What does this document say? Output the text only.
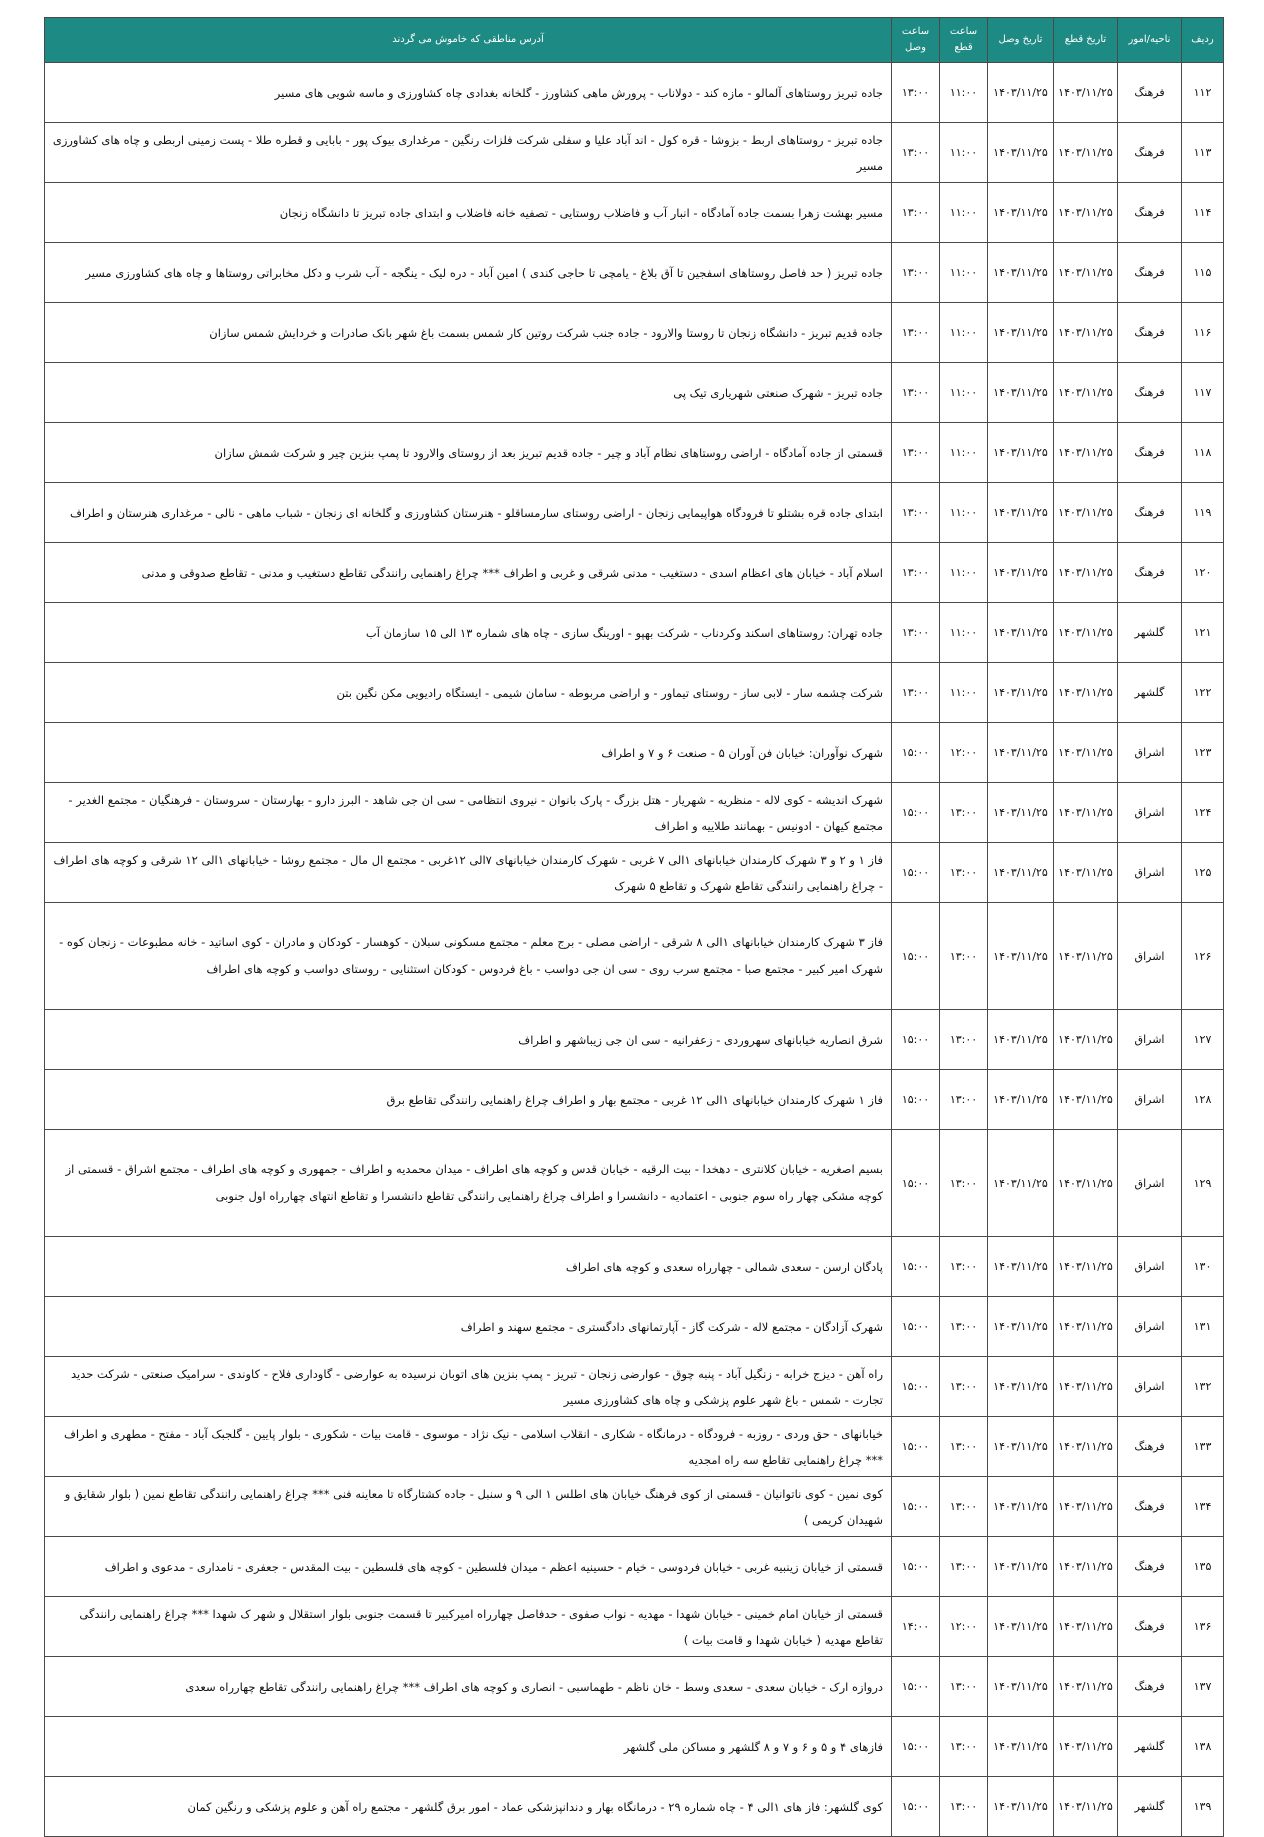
ردیف	ناحیه/امور	تاریخ قطع	تاریخ وصل	ساعت قطع	ساعت وصل	آدرس مناطقی که خاموش می گردند
۱۱۲	فرهنگ	۱۴۰۳/۱۱/۲۵	۱۴۰۳/۱۱/۲۵	۱۱:۰۰	۱۳:۰۰	جاده تبریز روستاهای آلمالو - مازه کند - دولاناب - پرورش ماهی کشاورز - گلخانه بغدادی چاه کشاورزی و ماسه شویی های مسیر
۱۱۳	فرهنگ	۱۴۰۳/۱۱/۲۵	۱۴۰۳/۱۱/۲۵	۱۱:۰۰	۱۳:۰۰	جاده تبریز - روستاهای اربط - بزوشا - قره کول - اند آباد علیا و سفلی شرکت فلزات رنگین - مرغداری بیوک پور - بابایی و قطره طلا - پست زمینی اربطی و چاه های کشاورزی مسیر
۱۱۴	فرهنگ	۱۴۰۳/۱۱/۲۵	۱۴۰۳/۱۱/۲۵	۱۱:۰۰	۱۳:۰۰	مسیر بهشت زهرا بسمت جاده آمادگاه - انبار آب و فاضلاب روستایی - تصفیه خانه فاضلاب و ابتدای جاده تبریز تا دانشگاه زنجان
۱۱۵	فرهنگ	۱۴۰۳/۱۱/۲۵	۱۴۰۳/۱۱/۲۵	۱۱:۰۰	۱۳:۰۰	جاده تبریز ( حد فاصل روستاهای اسفجین تا آق بلاغ - یامچی تا حاجی کندی ) امین آباد - دره لیک - ینگجه - آب شرب و دکل مخابراتی روستاها و چاه های کشاورزی مسیر
۱۱۶	فرهنگ	۱۴۰۳/۱۱/۲۵	۱۴۰۳/۱۱/۲۵	۱۱:۰۰	۱۳:۰۰	جاده قدیم تبریز - دانشگاه زنجان تا روستا والارود - جاده جنب شرکت روتین کار شمس بسمت باغ شهر بانک صادرات و خردایش شمس سازان
۱۱۷	فرهنگ	۱۴۰۳/۱۱/۲۵	۱۴۰۳/۱۱/۲۵	۱۱:۰۰	۱۳:۰۰	جاده تبریز - شهرک صنعتی شهریاری تیک پی
۱۱۸	فرهنگ	۱۴۰۳/۱۱/۲۵	۱۴۰۳/۱۱/۲۵	۱۱:۰۰	۱۳:۰۰	قسمتی از جاده آمادگاه - اراضی روستاهای نظام آباد و چیر - جاده قدیم تبریز بعد از روستای والارود تا پمپ بنزین چیر و شرکت شمش سازان
۱۱۹	فرهنگ	۱۴۰۳/۱۱/۲۵	۱۴۰۳/۱۱/۲۵	۱۱:۰۰	۱۳:۰۰	ابتدای جاده قره بشتلو تا فرودگاه هواپیمایی زنجان - اراضی روستای سارمساقلو - هنرستان کشاورزی و گلخانه ای زنجان - شباب ماهی - نالی - مرغداری هنرستان و اطراف
۱۲۰	فرهنگ	۱۴۰۳/۱۱/۲۵	۱۴۰۳/۱۱/۲۵	۱۱:۰۰	۱۳:۰۰	اسلام آباد - خیابان های اعظام اسدی - دستغیب - مدنی شرقی و غربی و اطراف *** چراغ راهنمایی رانندگی تقاطع دستغیب و مدنی - تقاطع صدوقی و مدنی
۱۲۱	گلشهر	۱۴۰۳/۱۱/۲۵	۱۴۰۳/۱۱/۲۵	۱۱:۰۰	۱۳:۰۰	جاده تهران: روستاهای اسکند وکردناب - شرکت بهپو - اورینگ سازی - چاه های شماره ۱۳ الی ۱۵ سازمان آب
۱۲۲	گلشهر	۱۴۰۳/۱۱/۲۵	۱۴۰۳/۱۱/۲۵	۱۱:۰۰	۱۳:۰۰	شرکت چشمه سار - لابی ساز - روستای تیماور - و اراضی مربوطه - سامان شیمی - ایستگاه رادیویی مکن نگین بتن
۱۲۳	اشراق	۱۴۰۳/۱۱/۲۵	۱۴۰۳/۱۱/۲۵	۱۲:۰۰	۱۵:۰۰	شهرک نوآوران: خیابان فن آوران ۵ - صنعت ۶ و ۷ و اطراف
۱۲۴	اشراق	۱۴۰۳/۱۱/۲۵	۱۴۰۳/۱۱/۲۵	۱۳:۰۰	۱۵:۰۰	شهرک اندیشه - کوی لاله - منظریه - شهریار - هتل بزرگ - پارک بانوان - نیروی انتظامی - سی ان جی شاهد - البرز دارو - بهارستان - سروستان - فرهنگیان - مجتمع الغدیر - مجتمع کیهان - ادونیس - بهمانند طلاییه و اطراف
۱۲۵	اشراق	۱۴۰۳/۱۱/۲۵	۱۴۰۳/۱۱/۲۵	۱۳:۰۰	۱۵:۰۰	فاز ۱ و ۲ و ۳ شهرک کارمندان خیابانهای ۱الی ۷ غربی - شهرک کارمندان خیابانهای ۷الی ۱۲غربی - مجتمع ال مال - مجتمع روشا - خیابانهای ۱الی ۱۲ شرقی و کوچه های اطراف - چراغ راهنمایی رانندگی تقاطع شهرک و تقاطع ۵ شهرک
۱۲۶	اشراق	۱۴۰۳/۱۱/۲۵	۱۴۰۳/۱۱/۲۵	۱۳:۰۰	۱۵:۰۰	فاز ۳ شهرک کارمندان خیابانهای ۱الی ۸ شرقی - اراضی مصلی - برج معلم - مجتمع مسکونی سبلان - کوهسار - کودکان و مادران - کوی اساتید - خانه مطبوعات - زنجان کوه - شهرک امیر کبیر - مجتمع صبا - مجتمع سرب روی - سی ان جی دواسب - باغ فردوس - کودکان استثنایی - روستای دواسب و کوچه های اطراف
۱۲۷	اشراق	۱۴۰۳/۱۱/۲۵	۱۴۰۳/۱۱/۲۵	۱۳:۰۰	۱۵:۰۰	شرق انصاریه خیابانهای سهروردی - زعفرانیه - سی ان جی زیباشهر و اطراف
۱۲۸	اشراق	۱۴۰۳/۱۱/۲۵	۱۴۰۳/۱۱/۲۵	۱۳:۰۰	۱۵:۰۰	فاز ۱ شهرک کارمندان خیابانهای ۱الی ۱۲ غربی - مجتمع بهار و اطراف چراغ راهنمایی رانندگی تقاطع برق
۱۲۹	اشراق	۱۴۰۳/۱۱/۲۵	۱۴۰۳/۱۱/۲۵	۱۳:۰۰	۱۵:۰۰	بسیم اصغریه - خیابان کلانتری - دهخدا - بیت الرقیه - خیابان قدس و کوچه های اطراف - میدان محمدیه و اطراف - جمهوری و کوچه های اطراف - مجتمع اشراق - قسمتی از کوچه مشکی چهار راه سوم جنوبی - اعتمادیه - دانشسرا و اطراف چراغ راهنمایی رانندگی تقاطع دانشسرا و تقاطع انتهای چهارراه اول جنوبی
۱۳۰	اشراق	۱۴۰۳/۱۱/۲۵	۱۴۰۳/۱۱/۲۵	۱۳:۰۰	۱۵:۰۰	پادگان ارسن - سعدی شمالی - چهارراه سعدی و کوچه های اطراف
۱۳۱	اشراق	۱۴۰۳/۱۱/۲۵	۱۴۰۳/۱۱/۲۵	۱۳:۰۰	۱۵:۰۰	شهرک آزادگان - مجتمع لاله - شرکت گاز - آپارتمانهای دادگستری - مجتمع سهند و اطراف
۱۳۲	اشراق	۱۴۰۳/۱۱/۲۵	۱۴۰۳/۱۱/۲۵	۱۳:۰۰	۱۵:۰۰	راه آهن - دیزج خرابه - زنگیل آباد - پنبه چوق - عوارضی زنجان - تبریز - پمپ بنزین های اتوبان نرسیده به عوارضی - گاوداری فلاح - کاوندی - سرامیک صنعتی - شرکت حدید تجارت - شمس - باغ شهر علوم پزشکی و چاه های کشاورزی مسیر
۱۳۳	فرهنگ	۱۴۰۳/۱۱/۲۵	۱۴۰۳/۱۱/۲۵	۱۳:۰۰	۱۵:۰۰	خیابانهای - حق وردی - روزبه - فرودگاه - درمانگاه - شکاری - انقلاب اسلامی - نیک نژاد - موسوی - قامت بیات - شکوری - بلوار پایین - گلجبک آباد - مفتح - مطهری و اطراف *** چراغ راهنمایی تقاطع سه راه امجدیه
۱۳۴	فرهنگ	۱۴۰۳/۱۱/۲۵	۱۴۰۳/۱۱/۲۵	۱۳:۰۰	۱۵:۰۰	کوی نمین - کوی ناتوانیان - قسمتی از کوی فرهنگ خیابان های اطلس ۱ الی ۹ و سنبل - جاده کشتارگاه تا معاینه فنی *** چراغ راهنمایی رانندگی تقاطع نمین ( بلوار شقایق و شهیدان کریمی )
۱۳۵	فرهنگ	۱۴۰۳/۱۱/۲۵	۱۴۰۳/۱۱/۲۵	۱۳:۰۰	۱۵:۰۰	قسمتی از خیابان زینبیه غربی - خیابان فردوسی - خیام - حسینیه اعظم - میدان فلسطین - کوچه های فلسطین - بیت المقدس - جعفری - نامداری - مدعوی و اطراف
۱۳۶	فرهنگ	۱۴۰۳/۱۱/۲۵	۱۴۰۳/۱۱/۲۵	۱۲:۰۰	۱۴:۰۰	قسمتی از خیابان امام خمینی - خیابان شهدا - مهدیه - نواب صفوی - حدفاصل چهارراه امیرکبیر تا قسمت جنوبی بلوار استقلال و شهر ک شهدا *** چراغ راهنمایی رانندگی تقاطع مهدیه ( خیابان شهدا و قامت بیات )
۱۳۷	فرهنگ	۱۴۰۳/۱۱/۲۵	۱۴۰۳/۱۱/۲۵	۱۳:۰۰	۱۵:۰۰	دروازه ارک - خیابان سعدی - سعدی وسط - خان ناظم - طهماسبی - انصاری و کوچه های اطراف *** چراغ راهنمایی رانندگی تقاطع چهارراه سعدی
۱۳۸	گلشهر	۱۴۰۳/۱۱/۲۵	۱۴۰۳/۱۱/۲۵	۱۳:۰۰	۱۵:۰۰	فازهای ۴ و ۵ و ۶ و ۷ و ۸ گلشهر و مساکن ملی گلشهر
۱۳۹	گلشهر	۱۴۰۳/۱۱/۲۵	۱۴۰۳/۱۱/۲۵	۱۳:۰۰	۱۵:۰۰	کوی گلشهر: فاز های ۱الی ۴ - چاه شماره ۲۹ - درمانگاه بهار و دندانپزشکی عماد - امور برق گلشهر - مجتمع راه آهن و علوم پزشکی و رنگین کمان
